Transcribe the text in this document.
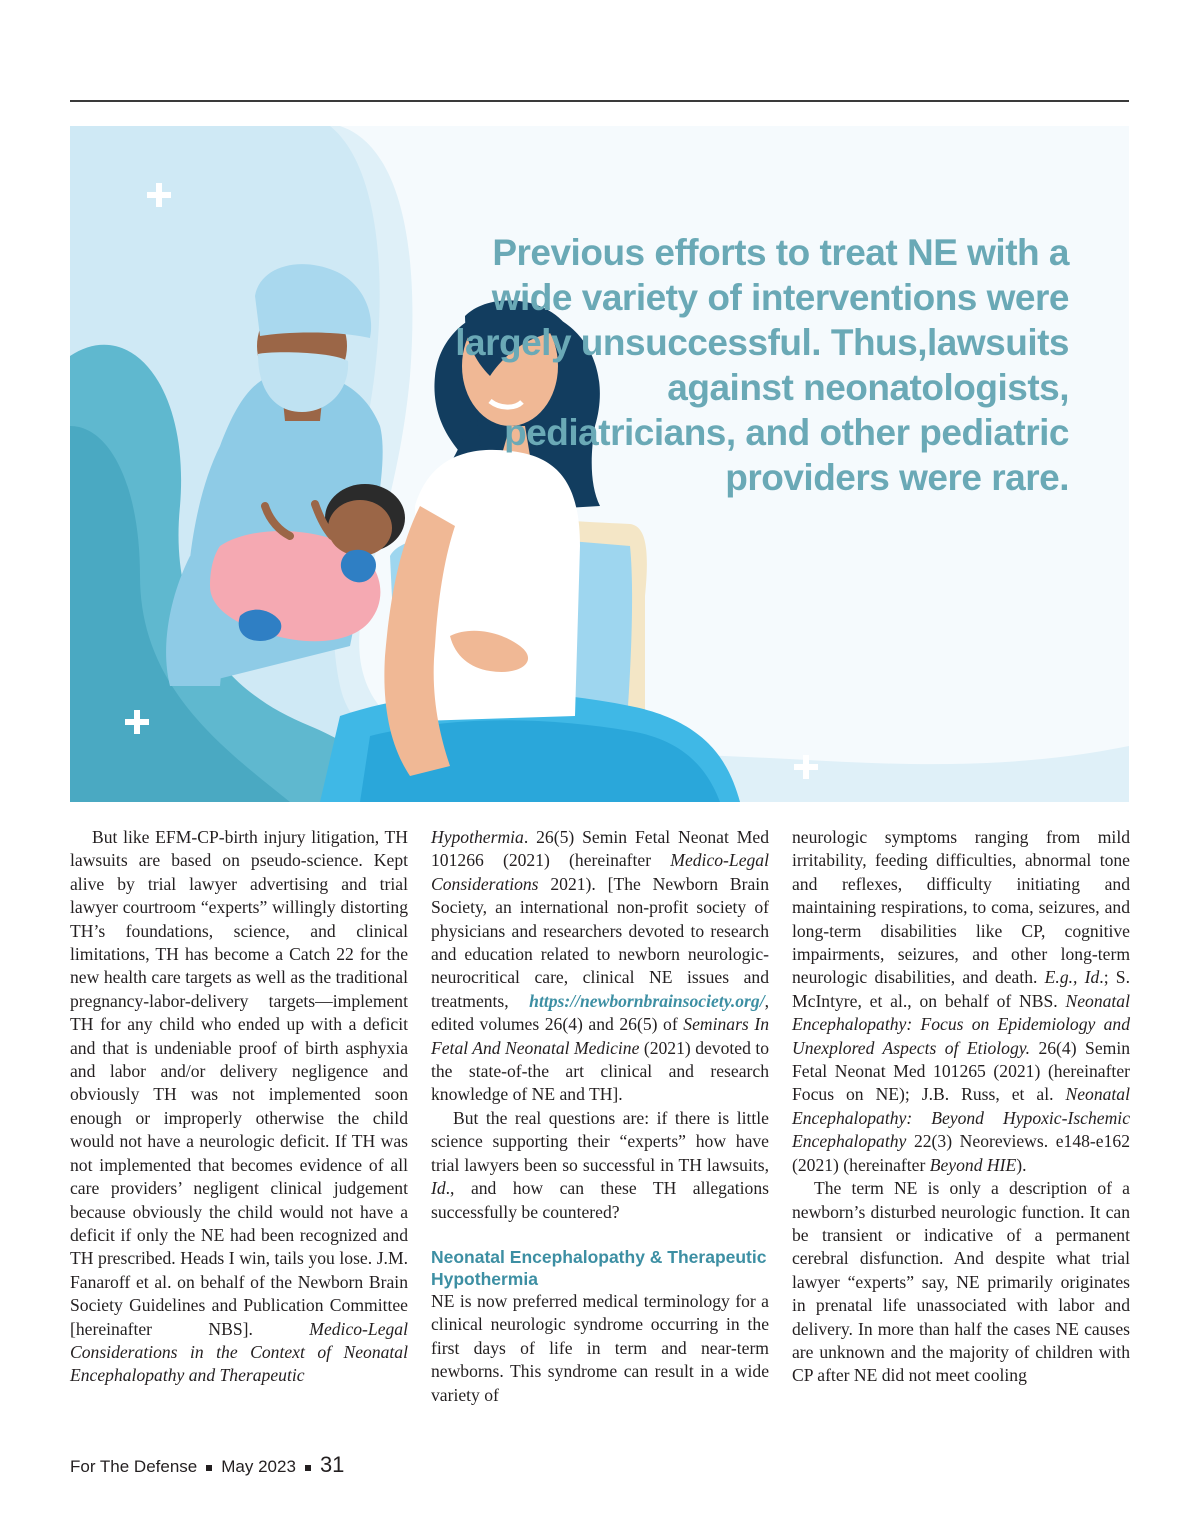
Previous efforts to treat NE with a wide variety of interventions were largely unsuccessful. Thus,lawsuits against neonatologists, pediatricians, and other pediatric providers were rare.

But like EFM-CP-birth injury litigation, TH lawsuits are based on pseudo-science. Kept alive by trial lawyer advertising and trial lawyer courtroom “experts” willingly distorting TH’s foundations, science, and clinical limitations, TH has become a Catch 22 for the new health care targets as well as the traditional pregnancy-labor-delivery targets—implement TH for any child who ended up with a deficit and that is undeniable proof of birth asphyxia and labor and/or delivery negligence and obviously TH was not implemented soon enough or improperly otherwise the child would not have a neurologic deficit. If TH was not implemented that becomes evidence of all care providers’ negligent clinical judgement because obviously the child would not have a deficit if only the NE had been recognized and TH prescribed. Heads I win, tails you lose. J.M. Fanaroff et al. on behalf of the Newborn Brain Society Guidelines and Publication Committee [hereinafter NBS]. Medico-Legal Considerations in the Context of Neonatal Encephalopathy and Therapeutic

Hypothermia. 26(5) Semin Fetal Neonat Med 101266 (2021) (hereinafter Medico-Legal Considerations 2021). [The Newborn Brain Society, an international non-profit society of physicians and researchers devoted to research and education related to newborn neurologic-neurocritical care, clinical NE issues and treatments, https://newbornbrainsociety.org/, edited volumes 26(4) and 26(5) of Seminars In Fetal And Neonatal Medicine (2021) devoted to the state-of-the art clinical and research knowledge of NE and TH].

But the real questions are: if there is little science supporting their “experts” how have trial lawyers been so successful in TH lawsuits, Id., and how can these TH allegations successfully be countered?

Neonatal Encephalopathy & Therapeutic Hypothermia

NE is now preferred medical terminology for a clinical neurologic syndrome occurring in the first days of life in term and near-term newborns. This syndrome can result in a wide variety of

neurologic symptoms ranging from mild irritability, feeding difficulties, abnormal tone and reflexes, difficulty initiating and maintaining respirations, to coma, seizures, and long-term disabilities like CP, cognitive impairments, seizures, and other long-term neurologic disabilities, and death. E.g., Id.; S. McIntyre, et al., on behalf of NBS. Neonatal Encephalopathy: Focus on Epidemiology and Unexplored Aspects of Etiology. 26(4) Semin Fetal Neonat Med 101265 (2021) (hereinafter Focus on NE); J.B. Russ, et al. Neonatal Encephalopathy: Beyond Hypoxic-Ischemic Encephalopathy 22(3) Neoreviews. e148-e162 (2021) (hereinafter Beyond HIE).

The term NE is only a description of a newborn’s disturbed neurologic function. It can be transient or indicative of a permanent cerebral disfunction. And despite what trial lawyer “experts” say, NE primarily originates in prenatal life unassociated with labor and delivery. In more than half the cases NE causes are unknown and the majority of children with CP after NE did not meet cooling

For The Defense May 2023 31
